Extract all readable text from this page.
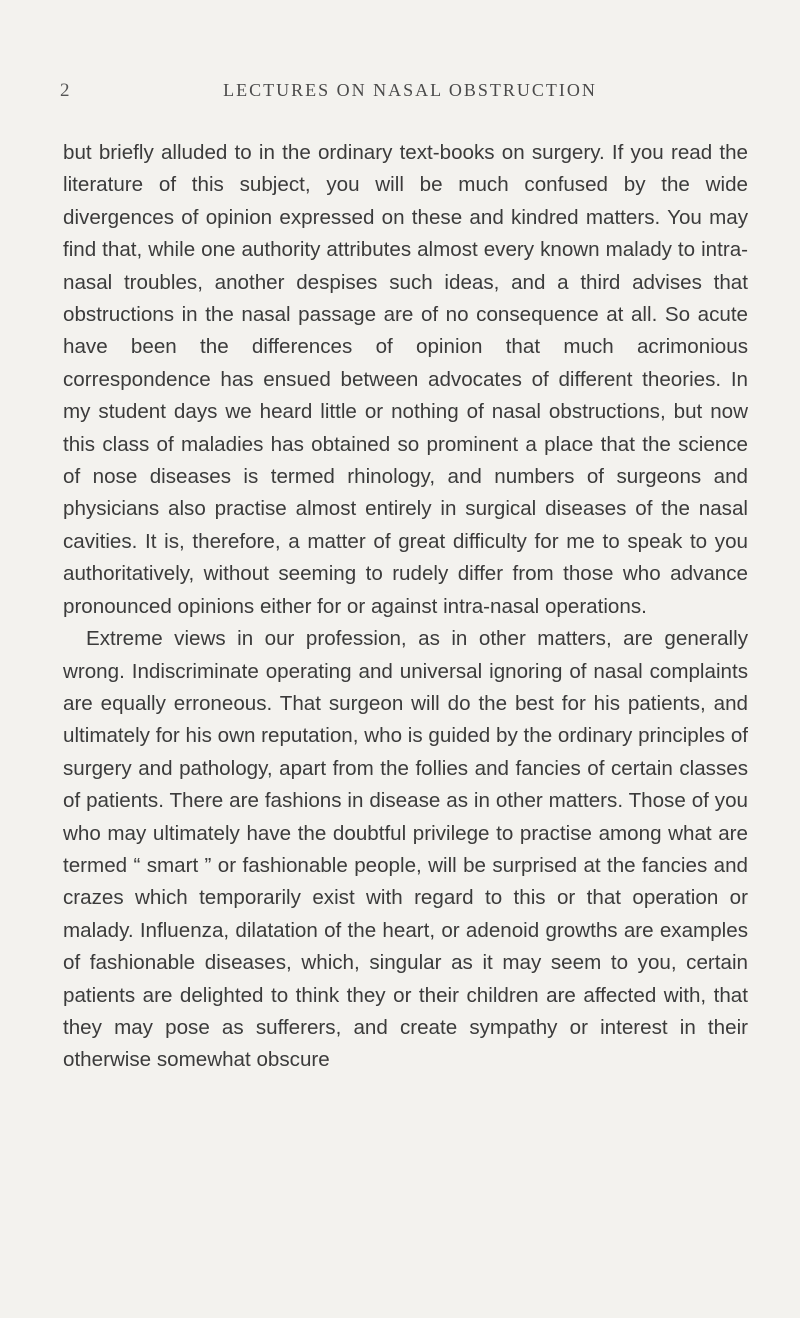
2	LECTURES ON NASAL OBSTRUCTION

but briefly alluded to in the ordinary text-books on surgery. If you read the literature of this subject, you will be much confused by the wide divergences of opinion expressed on these and kindred matters. You may find that, while one authority attributes almost every known malady to intra-nasal troubles, another despises such ideas, and a third advises that obstructions in the nasal passage are of no consequence at all. So acute have been the differences of opinion that much acrimonious correspondence has ensued between advocates of different theories. In my student days we heard little or nothing of nasal obstructions, but now this class of maladies has obtained so prominent a place that the science of nose diseases is termed rhinology, and numbers of surgeons and physicians also practise almost entirely in surgical diseases of the nasal cavities. It is, therefore, a matter of great difficulty for me to speak to you authoritatively, without seeming to rudely differ from those who advance pronounced opinions either for or against intra-nasal operations.

Extreme views in our profession, as in other matters, are generally wrong. Indiscriminate operating and universal ignoring of nasal complaints are equally erroneous. That surgeon will do the best for his patients, and ultimately for his own reputation, who is guided by the ordinary principles of surgery and pathology, apart from the follies and fancies of certain classes of patients. There are fashions in disease as in other matters. Those of you who may ultimately have the doubtful privilege to practise among what are termed “ smart ” or fashionable people, will be surprised at the fancies and crazes which temporarily exist with regard to this or that operation or malady. Influenza, dilatation of the heart, or adenoid growths are examples of fashionable diseases, which, singular as it may seem to you, certain patients are delighted to think they or their children are affected with, that they may pose as sufferers, and create sympathy or interest in their otherwise somewhat obscure
